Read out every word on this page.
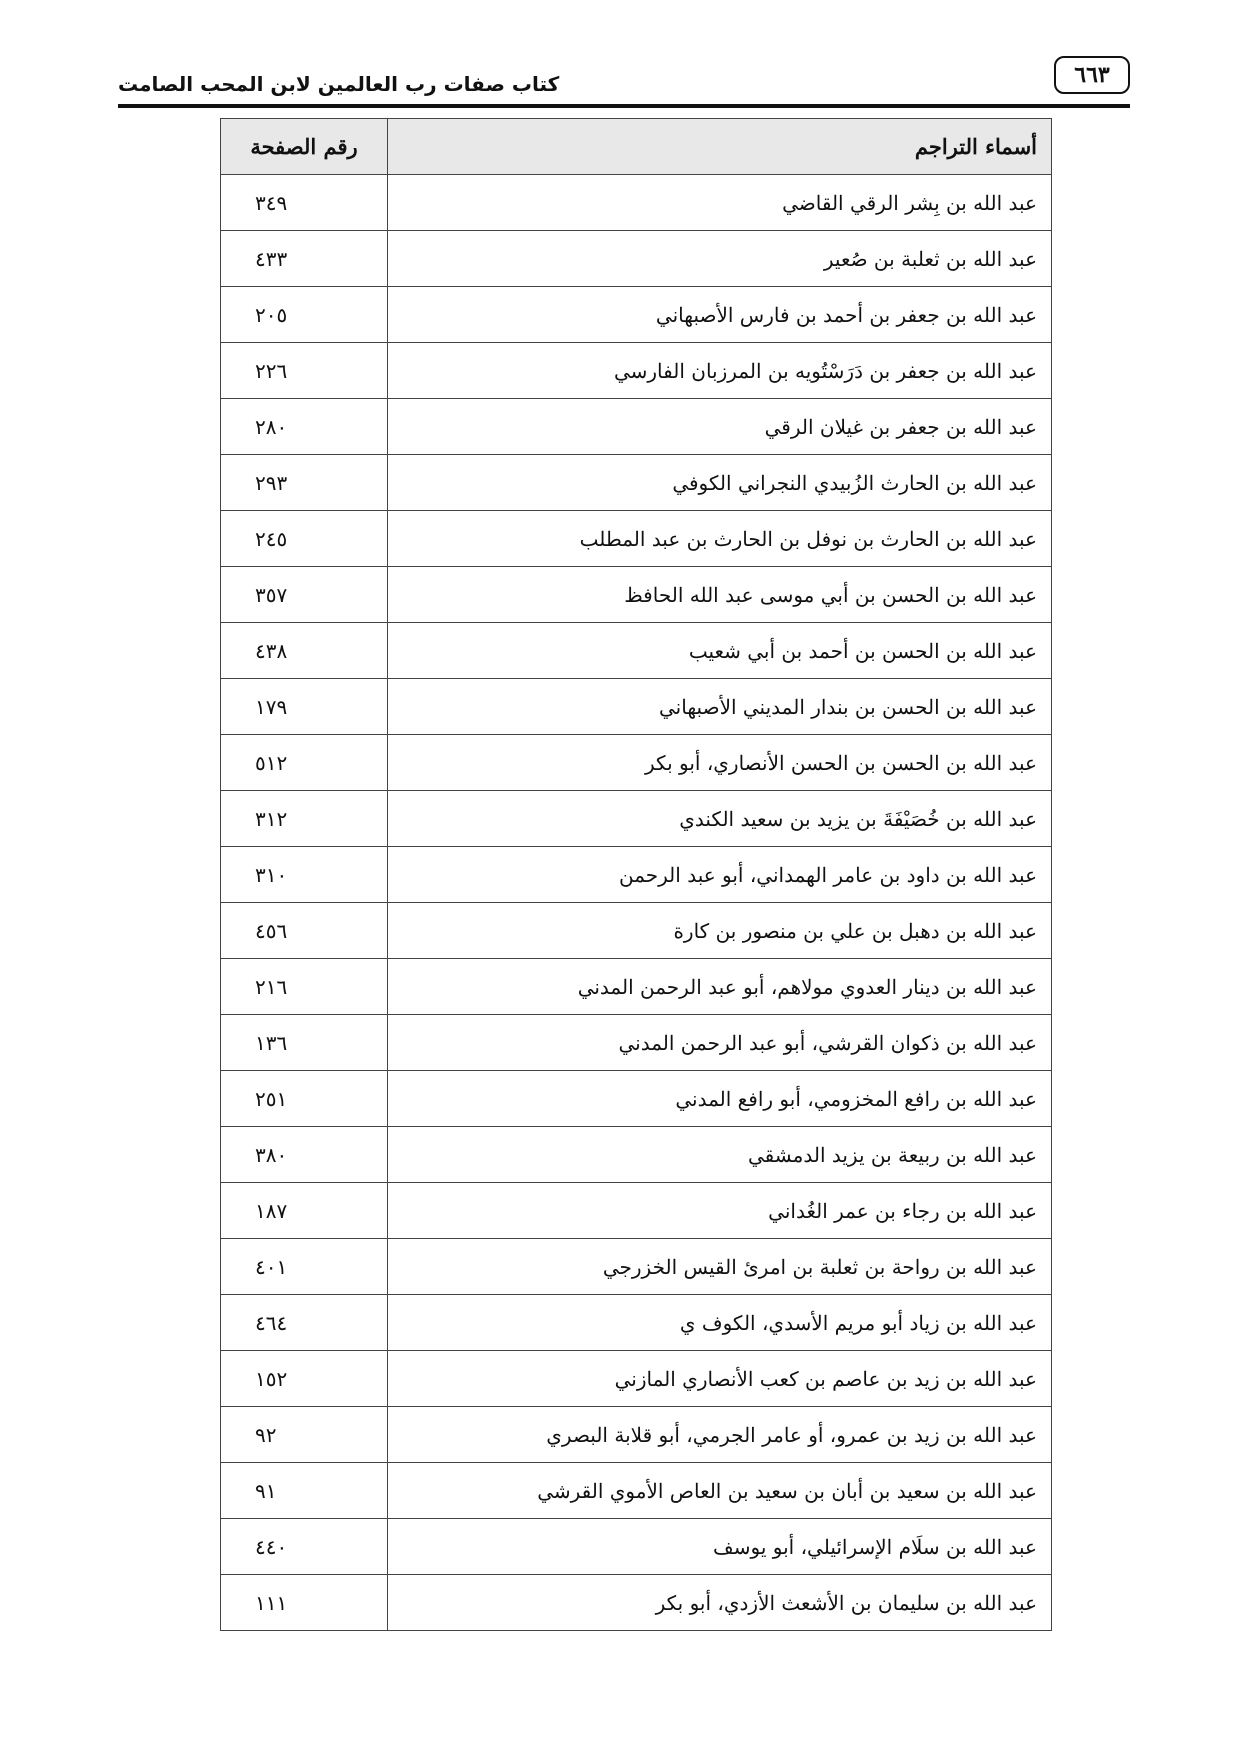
كتاب صفات رب العالمين لابن المحب الصامت	٦٦٣
أسماء التراجم	رقم الصفحة
عبد الله بن بِشر الرقي القاضي	٣٤٩
عبد الله بن ثعلبة بن صُعير	٤٣٣
عبد الله بن جعفر بن أحمد بن فارس الأصبهاني	٢٠٥
عبد الله بن جعفر بن دَرَسْتُويه بن المرزبان الفارسي	٢٢٦
عبد الله بن جعفر بن غيلان الرقي	٢٨٠
عبد الله بن الحارث الزُبيدي النجراني الكوفي	٢٩٣
عبد الله بن الحارث بن نوفل بن الحارث بن عبد المطلب	٢٤٥
عبد الله بن الحسن بن أبي موسى عبد الله الحافظ	٣٥٧
عبد الله بن الحسن بن أحمد بن أبي شعيب	٤٣٨
عبد الله بن الحسن بن بندار المديني الأصبهاني	١٧٩
عبد الله بن الحسن بن الحسن الأنصاري، أبو بكر	٥١٢
عبد الله بن خُصَيْفَةَ بن يزيد بن سعيد الكندي	٣١٢
عبد الله بن داود بن عامر الهمداني، أبو عبد الرحمن	٣١٠
عبد الله بن دهبل بن علي بن منصور بن كارة	٤٥٦
عبد الله بن دينار العدوي مولاهم، أبو عبد الرحمن المدني	٢١٦
عبد الله بن ذكوان القرشي، أبو عبد الرحمن المدني	١٣٦
عبد الله بن رافع المخزومي، أبو رافع المدني	٢٥١
عبد الله بن ربيعة بن يزيد الدمشقي	٣٨٠
عبد الله بن رجاء بن عمر الغُداني	١٨٧
عبد الله بن رواحة بن ثعلبة بن امرئ القيس الخزرجي	٤٠١
عبد الله بن زياد أبو مريم الأسدي، الكوف ي	٤٦٤
عبد الله بن زيد بن عاصم بن كعب الأنصاري المازني	١٥٢
عبد الله بن زيد بن عمرو، أو عامر الجرمي، أبو قلابة البصري	٩٢
عبد الله بن سعيد بن أبان بن سعيد بن العاص الأموي القرشي	٩١
عبد الله بن سلَام الإسرائيلي، أبو يوسف	٤٤٠
عبد الله بن سليمان بن الأشعث الأزدي، أبو بكر	١١١
